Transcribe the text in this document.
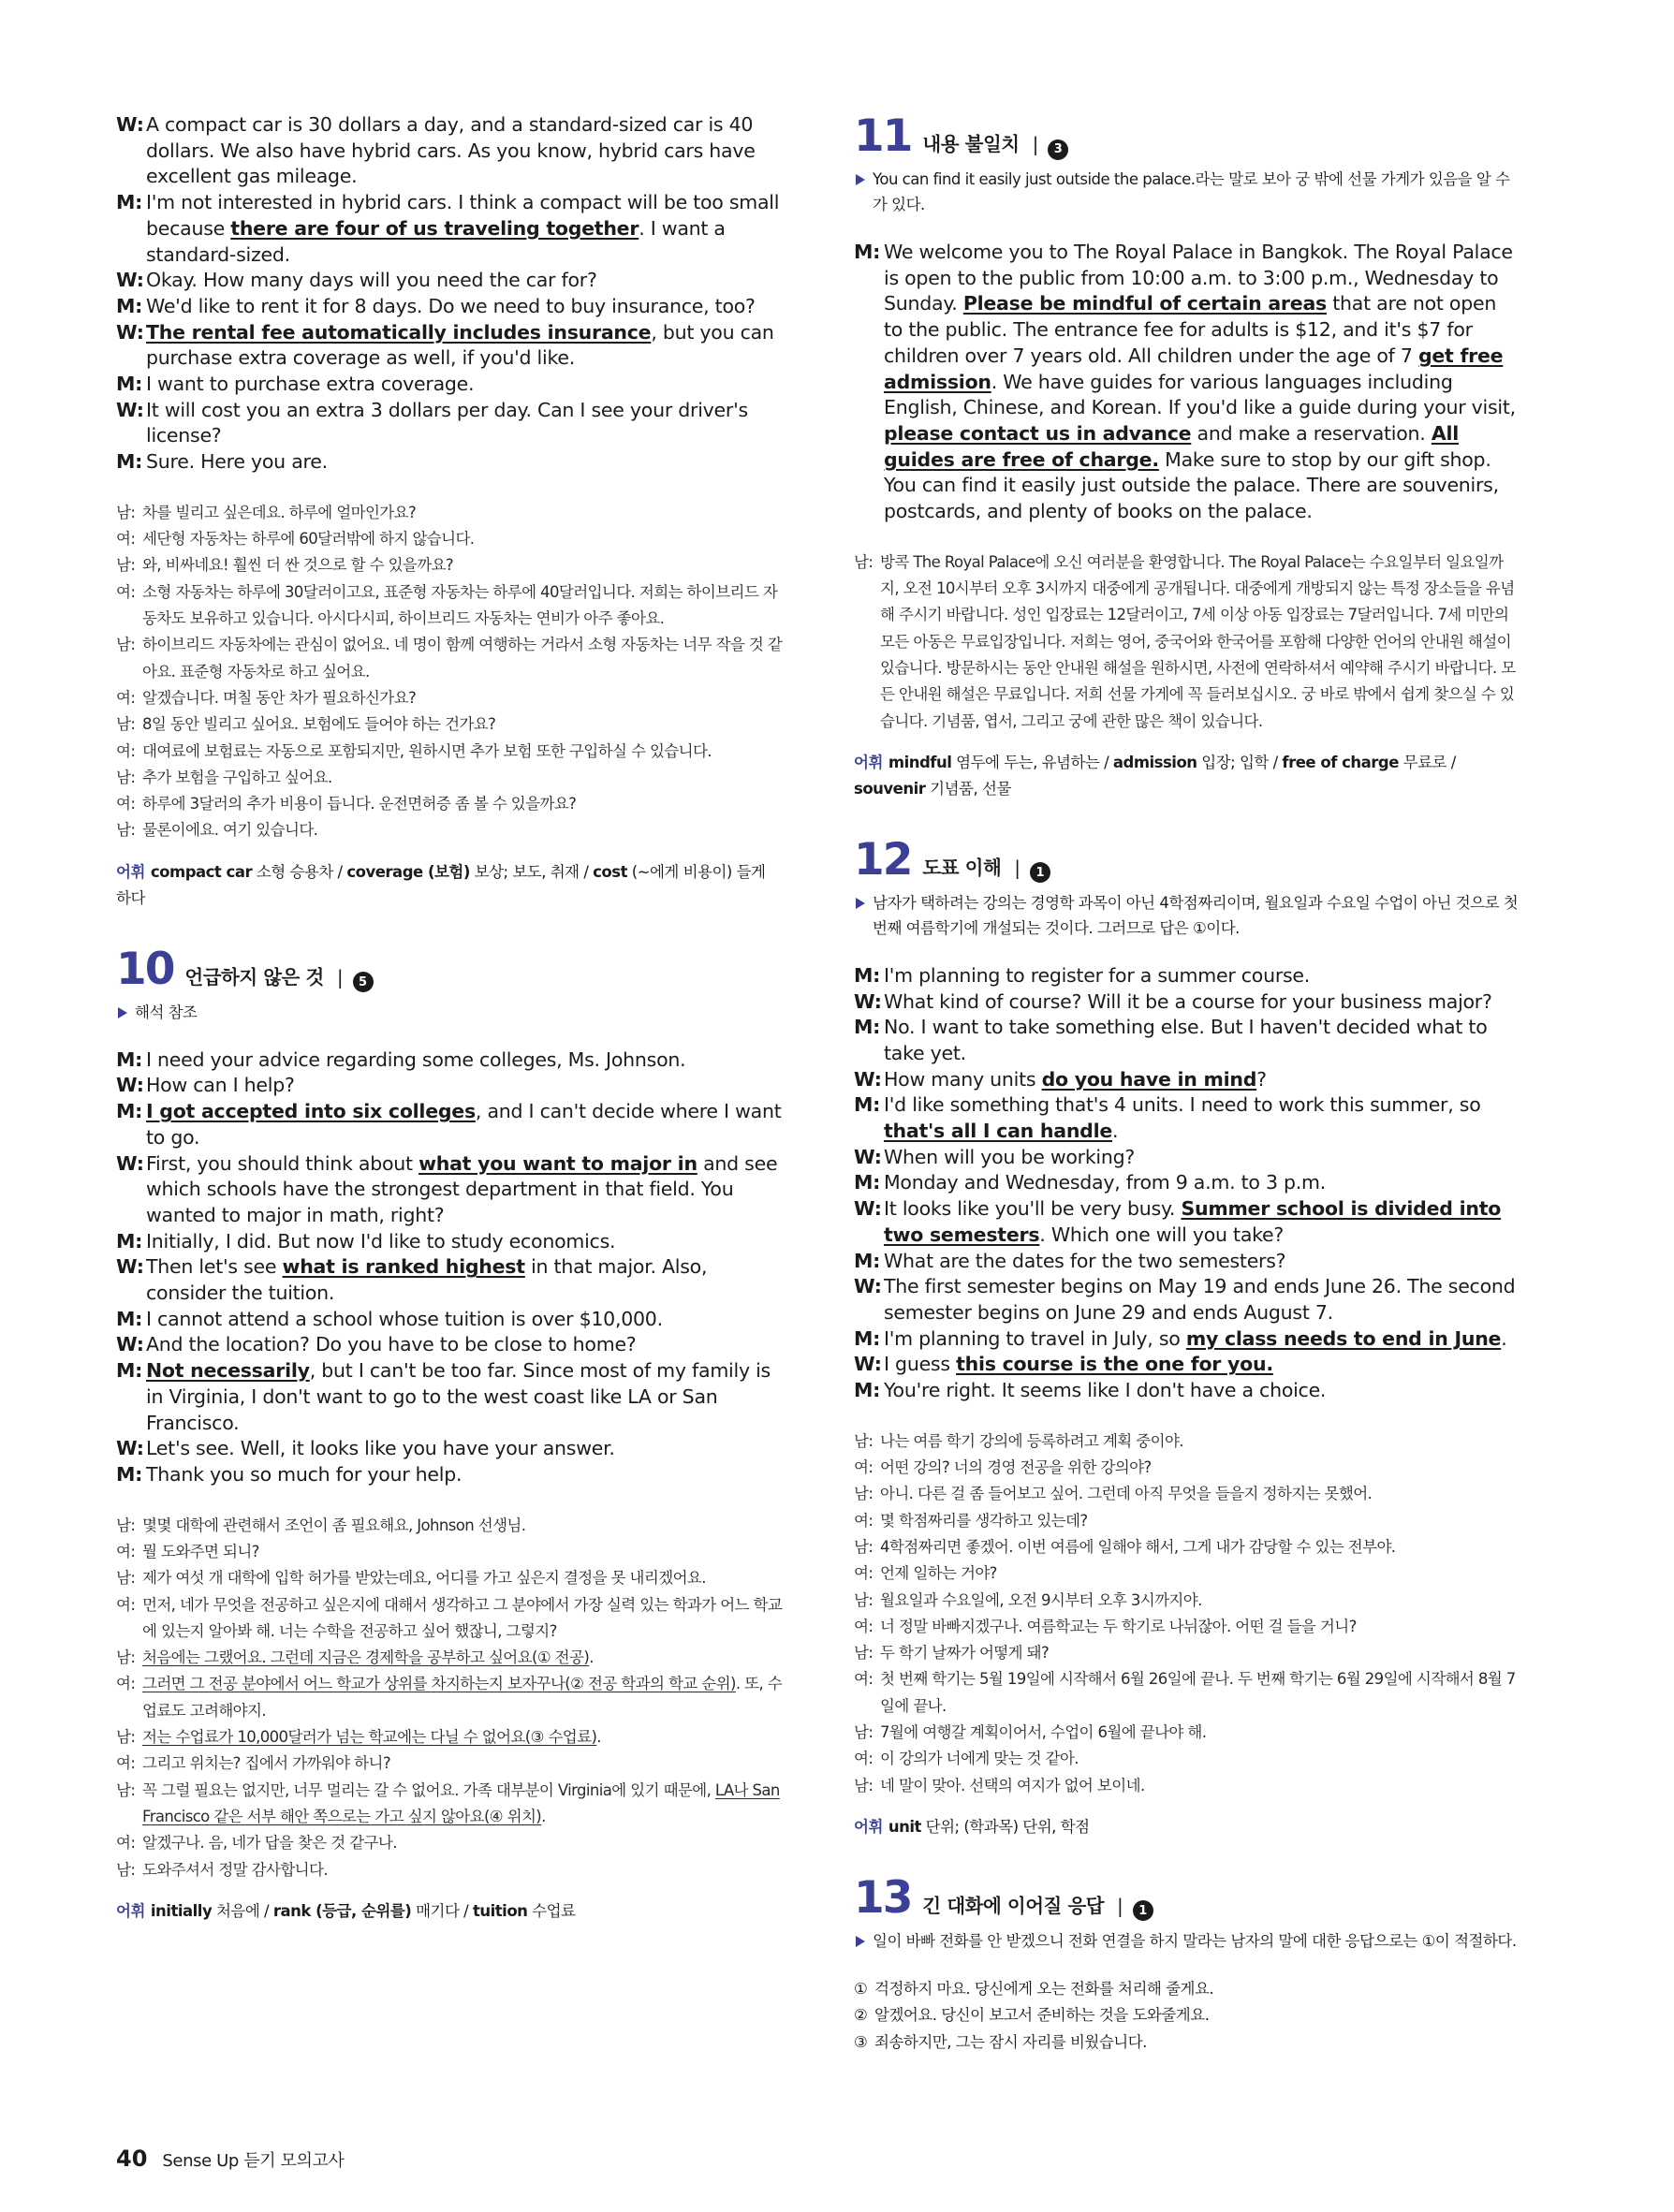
W: A compact car is 30 dollars a day, and a standard-sized car is 40 dollars. We also have hybrid cars. As you know, hybrid cars have excellent gas mileage.
M: I'm not interested in hybrid cars. I think a compact will be too small because there are four of us traveling together. I want a standard-sized.
W: Okay. How many days will you need the car for?
M: We'd like to rent it for 8 days. Do we need to buy insurance, too?
W: The rental fee automatically includes insurance, but you can purchase extra coverage as well, if you'd like.
M: I want to purchase extra coverage.
W: It will cost you an extra 3 dollars per day. Can I see your driver's license?
M: Sure. Here you are.
남: 차를 빌리고 싶은데요. 하루에 얼마인가요?
여: 세단형 자동차는 하루에 60달러밖에 하지 않습니다.
남: 와, 비싸네요! 훨씬 더 싼 것으로 할 수 있을까요?
여: 소형 자동차는 하루에 30달러이고요, 표준형 자동차는 하루에 40달러입니다. 저희는 하이브리드 자동차도 보유하고 있습니다. 아시다시피, 하이브리드 자동차는 연비가 아주 좋아요.
남: 하이브리드 자동차에는 관심이 없어요. 네 명이 함께 여행하는 거라서 소형 자동차는 너무 작을 것 같아요. 표준형 자동차로 하고 싶어요.
여: 알겠습니다. 며칠 동안 차가 필요하신가요?
남: 8일 동안 빌리고 싶어요. 보험에도 들어야 하는 건가요?
여: 대여료에 보험료는 자동으로 포함되지만, 원하시면 추가 보험 또한 구입하실 수 있습니다.
남: 추가 보험을 구입하고 싶어요.
여: 하루에 3달러의 추가 비용이 듭니다. 운전면허증 좀 볼 수 있을까요?
남: 물론이에요. 여기 있습니다.
어휘 compact car 소형 승용차 / coverage (보험) 보상; 보도, 취재 / cost (~에게 비용이) 들게 하다
10 언급하지 않은 것 |	5
해석 참조
M: I need your advice regarding some colleges, Ms. Johnson.
W: How can I help?
M: I got accepted into six colleges, and I can't decide where I want to go.
W: First, you should think about what you want to major in and see which schools have the strongest department in that field. You wanted to major in math, right?
M: Initially, I did. But now I'd like to study economics.
W: Then let's see what is ranked highest in that major. Also, consider the tuition.
M: I cannot attend a school whose tuition is over $10,000.
W: And the location? Do you have to be close to home?
M: Not necessarily, but I can't be too far. Since most of my family is in Virginia, I don't want to go to the west coast like LA or San Francisco.
W: Let's see. Well, it looks like you have your answer.
M: Thank you so much for your help.
남: 몇몇 대학에 관련해서 조언이 좀 필요해요, Johnson 선생님.
여: 뭘 도와주면 되니?
남: 제가 여섯 개 대학에 입학 허가를 받았는데요, 어디를 가고 싶은지 결정을 못 내리겠어요.
여: 먼저, 네가 무엇을 전공하고 싶은지에 대해서 생각하고 그 분야에서 가장 실력 있는 학과가 어느 학교에 있는지 알아봐 해. 너는 수학을 전공하고 싶어 했잖니, 그렇지?
남: 처음에는 그랬어요. 그런데 지금은 경제학을 공부하고 싶어요(① 전공).
여: 그러면 그 전공 분야에서 어느 학교가 상위를 차지하는지 보자꾸나(② 전공 학과의 학교 순위). 또, 수업료도 고려해야지.
남: 저는 수업료가 10,000달러가 넘는 학교에는 다닐 수 없어요(③ 수업료).
여: 그리고 위치는? 집에서 가까워야 하니?
남: 꼭 그럴 필요는 없지만, 너무 멀리는 갈 수 없어요. 가족 대부분이 Virginia에 있기 때문에, LA나 San Francisco 같은 서부 해안 쪽으로는 가고 싶지 않아요(④ 위치).
여: 알겠구나. 음, 네가 답을 찾은 것 같구나.
남: 도와주셔서 정말 감사합니다.
어휘 initially 처음에 / rank (등급, 순위를) 매기다 / tuition 수업료
11 내용 불일치 |	3
You can find it easily just outside the palace.라는 말로 보아 궁 밖에 선물 가게가 있음을 알 수가 있다.
M: We welcome you to The Royal Palace in Bangkok. The Royal Palace is open to the public from 10:00 a.m. to 3:00 p.m., Wednesday to Sunday. Please be mindful of certain areas that are not open to the public. The entrance fee for adults is $12, and it's $7 for children over 7 years old. All children under the age of 7 get free admission. We have guides for various languages including English, Chinese, and Korean. If you'd like a guide during your visit, please contact us in advance and make a reservation. All guides are free of charge. Make sure to stop by our gift shop. You can find it easily just outside the palace. There are souvenirs, postcards, and plenty of books on the palace.
남: 방콕 The Royal Palace에 오신 여러분을 환영합니다. The Royal Palace는 수요일부터 일요일까지, 오전 10시부터 오후 3시까지 대중에게 공개됩니다. 대중에게 개방되지 않는 특정 장소들을 유념해 주시기 바랍니다. 성인 입장료는 12달러이고, 7세 이상 아동 입장료는 7달러입니다. 7세 미만의 모든 아동은 무료입장입니다. 저희는 영어, 중국어와 한국어를 포함해 다양한 언어의 안내원 해설이 있습니다. 방문하시는 동안 안내원 해설을 원하시면, 사전에 연락하셔서 예약해 주시기 바랍니다. 모든 안내원 해설은 무료입니다. 저희 선물 가게에 꼭 들러보십시오. 궁 바로 밖에서 쉽게 찾으실 수 있습니다. 기념품, 엽서, 그리고 궁에 관한 많은 책이 있습니다.
어휘 mindful 염두에 두는, 유념하는 / admission 입장; 입학 / free of charge 무료로 / souvenir 기념품, 선물
12 도표 이해 |	1
남자가 택하려는 강의는 경영학 과목이 아닌 4학점짜리이며, 월요일과 수요일 수업이 아닌 것으로 첫 번째 여름학기에 개설되는 것이다. 그러므로 답은 ①이다.
M: I'm planning to register for a summer course.
W: What kind of course? Will it be a course for your business major?
M: No. I want to take something else. But I haven't decided what to take yet.
W: How many units do you have in mind?
M: I'd like something that's 4 units. I need to work this summer, so that's all I can handle.
W: When will you be working?
M: Monday and Wednesday, from 9 a.m. to 3 p.m.
W: It looks like you'll be very busy. Summer school is divided into two semesters. Which one will you take?
M: What are the dates for the two semesters?
W: The first semester begins on May 19 and ends June 26. The second semester begins on June 29 and ends August 7.
M: I'm planning to travel in July, so my class needs to end in June.
W: I guess this course is the one for you.
M: You're right. It seems like I don't have a choice.
남: 나는 여름 학기 강의에 등록하려고 계획 중이야.
여: 어떤 강의? 너의 경영 전공을 위한 강의야?
남: 아니. 다른 걸 좀 들어보고 싶어. 그런데 아직 무엇을 들을지 정하지는 못했어.
여: 몇 학점짜리를 생각하고 있는데?
남: 4학점짜리면 좋겠어. 이번 여름에 일해야 해서, 그게 내가 감당할 수 있는 전부야.
여: 언제 일하는 거야?
남: 월요일과 수요일에, 오전 9시부터 오후 3시까지야.
여: 너 정말 바빠지겠구나. 여름학교는 두 학기로 나뉘잖아. 어떤 걸 들을 거니?
남: 두 학기 날짜가 어떻게 돼?
여: 첫 번째 학기는 5월 19일에 시작해서 6월 26일에 끝나. 두 번째 학기는 6월 29일에 시작해서 8월 7일에 끝나.
남: 7월에 여행갈 계획이어서, 수업이 6월에 끝나야 해.
여: 이 강의가 너에게 맞는 것 같아.
남: 네 말이 맞아. 선택의 여지가 없어 보이네.
어휘 unit 단위; (학과목) 단위, 학점
13 긴 대화에 이어질 응답 |	1
일이 바빠 전화를 안 받겠으니 전화 연결을 하지 말라는 남자의 말에 대한 응답으로는 ①이 적절하다.
① 걱정하지 마요. 당신에게 오는 전화를 처리해 줄게요.
② 알겠어요. 당신이 보고서 준비하는 것을 도와줄게요.
③ 죄송하지만, 그는 잠시 자리를 비웠습니다.
40 Sense Up 듣기 모의고사
